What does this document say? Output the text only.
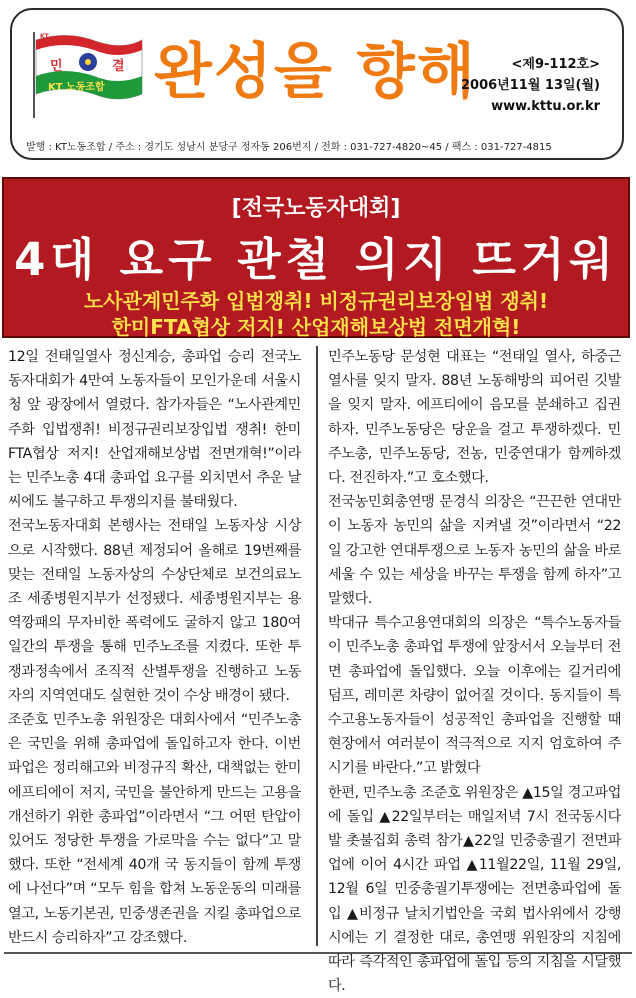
민	결
KT 노동조합
KT
완성을 향해	<제9-112호>
2006년11월 13일(월)
www.kttu.or.kr
발행 : KT노동조합 / 주소 : 경기도 성남시 분당구 정자동 206번지 / 전화 : 031-727-4820~45 / 팩스 : 031-727-4815
[전국노동자대회]
4대 요구 관철 의지 뜨거워
노사관계민주화 입법쟁취! 비정규권리보장입법 쟁취!
한미FTA협상 저지! 산업재해보상법 전면개혁!

12일 전태일열사 정신계승, 총파업 승리 전국노동자대회가 4만여 노동자들이 모인가운데 서울시청 앞 광장에서 열렸다. 참가자들은 “노사관계민주화 입법쟁취! 비정규권리보장입법 쟁취! 한미FTA협상 저지! 산업재해보상법 전면개혁!”이라는 민주노총 4대 총파업 요구를 외치면서 추운 날씨에도 불구하고 투쟁의지를 불태웠다.

전국노동자대회 본행사는 전태일 노동자상 시상으로 시작했다. 88년 제정되어 올해로 19번째를 맞는 전태일 노동자상의 수상단체로 보건의료노조 세종병원지부가 선정됐다. 세종병원지부는 용역깡패의 무자비한 폭력에도 굴하지 않고 180여일간의 투쟁을 통해 민주노조를 지켰다. 또한 투쟁과정속에서 조직적 산별투쟁을 진행하고 노동자의 지역연대도 실현한 것이 수상 배경이 됐다.

조준호 민주노총 위원장은 대회사에서 “민주노총은 국민을 위해 총파업에 돌입하고자 한다. 이번 파업은 정리해고와 비정규직 확산, 대책없는 한미에프티에이 저지, 국민을 불안하게 만드는 고용을 개선하기 위한 총파업”이라면서 “그 어떤 탄압이 있어도 정당한 투쟁을 가로막을 수는 없다”고 말했다. 또한 “전세계 40개 국 동지들이 함께 투쟁에 나선다”며 “모두 힘을 합쳐 노동운동의 미래를 열고, 노동기본권, 민중생존권을 지킬 총파업으로 반드시 승리하자”고 강조했다.

민주노동당 문성현 대표는 “전태일 열사, 하중근 열사를 잊지 말자. 88년 노동해방의 피어린 깃발을 잊지 말자. 에프티에이 음모를 분쇄하고 집권하자. 민주노동당은 당운을 걸고 투쟁하겠다. 민주노총, 민주노동당, 전농, 민중연대가 함께하겠다. 전진하자.”고 호소했다.

전국농민회총연맹 문경식 의장은 “끈끈한 연대만이 노동자 농민의 삶을 지켜낼 것”이라면서 “22일 강고한 연대투쟁으로 노동자 농민의 삶을 바로 세울 수 있는 세상을 바꾸는 투쟁을 함께 하자”고 말했다.

박대규 특수고용연대회의 의장은 “특수노동자들이 민주노총 총파업 투쟁에 앞장서서 오늘부터 전면 총파업에 돌입했다. 오늘 이후에는 길거리에 덤프, 레미콘 차량이 없어질 것이다. 동지들이 특수고용노동자들이 성공적인 총파업을 진행할 때 현장에서 여러분이 적극적으로 지지 엄호하여 주시기를 바란다.”고 밝혔다

한편, 민주노총 조준호 위원장은 ▲15일 경고파업에 돌입 ▲22일부터는 매일저녁 7시 전국동시다발 촛불집회 총력 참가▲22일 민중총궐기 전면파업에 이어 4시간 파업 ▲11월22일, 11월 29일, 12월 6일 민중총궐기투쟁에는 전면총파업에 돌입 ▲비정규 날치기법안을 국회 법사위에서 강행시에는 기 결정한 대로, 총연맹 위원장의 지침에 따라 즉각적인 총파업에 돌입 등의 지침을 시달했다.
